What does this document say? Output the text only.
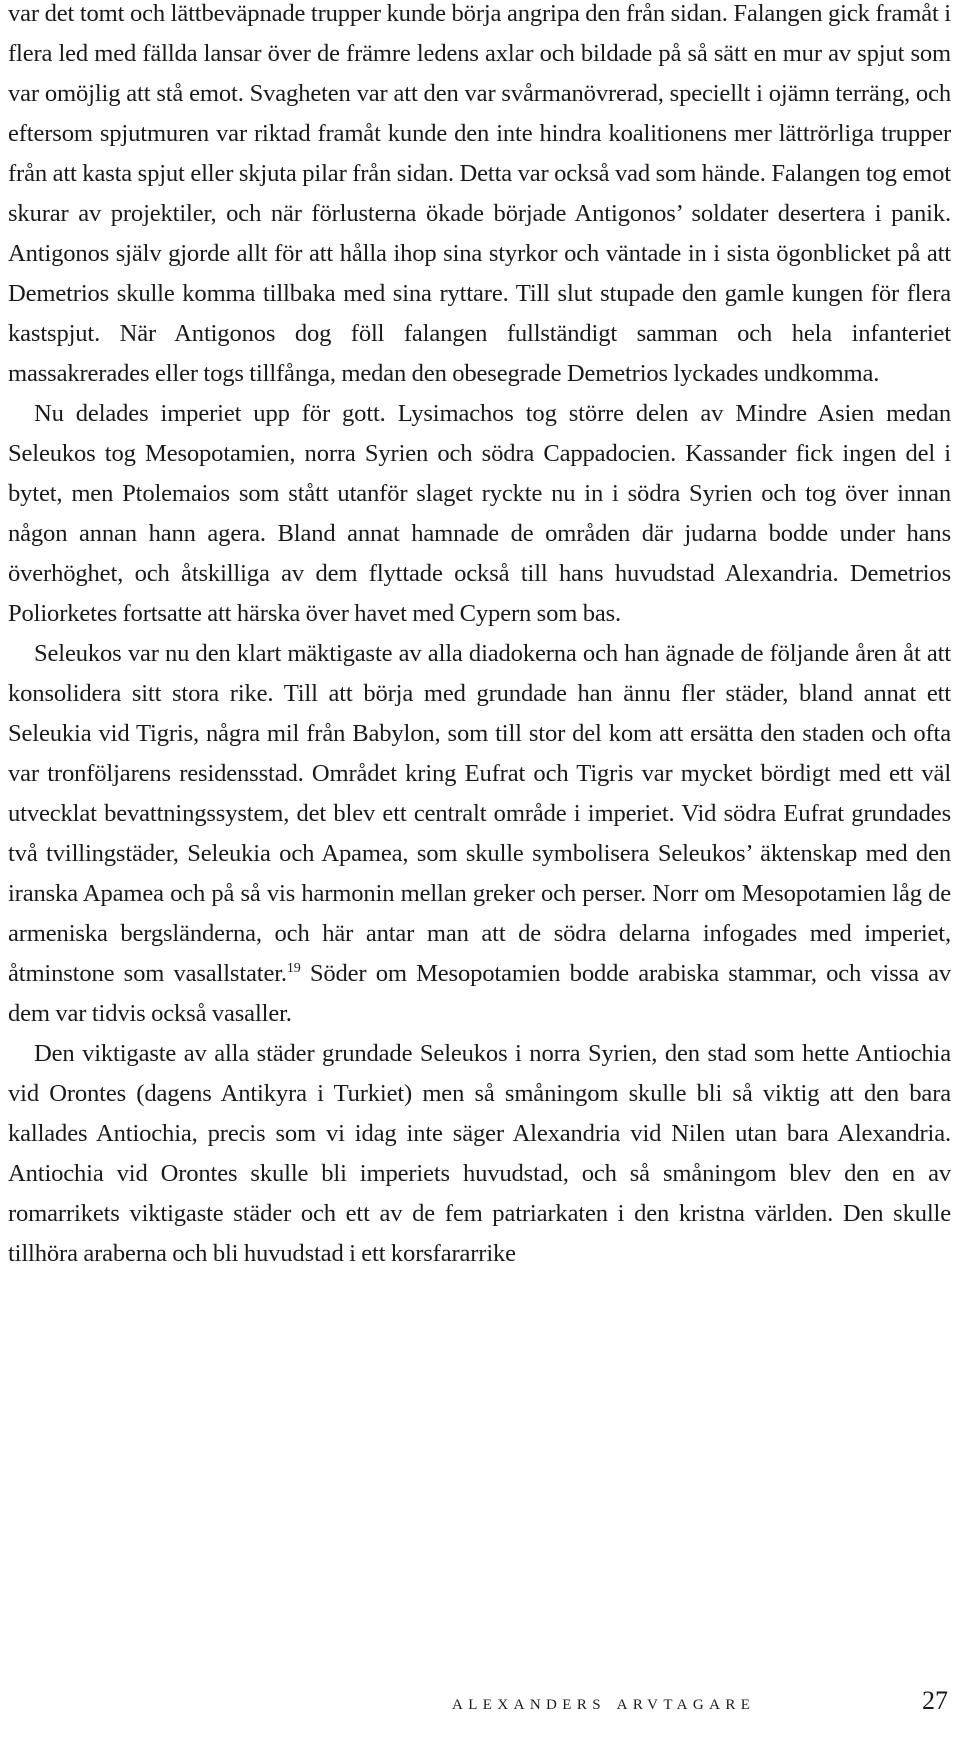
var det tomt och lättbeväpnade trupper kunde börja angripa den från sidan. Falangen gick framåt i flera led med fällda lansar över de främre ledens axlar och bildade på så sätt en mur av spjut som var omöjlig att stå emot. Svagheten var att den var svårmanövrerad, speciellt i ojämn terräng, och eftersom spjutmuren var riktad framåt kunde den inte hindra koalitionens mer lättrörliga trupper från att kasta spjut eller skjuta pilar från sidan. Detta var också vad som hände. Falangen tog emot skurar av projektiler, och när förlusterna ökade började Antigonos’ soldater desertera i panik. Antigonos själv gjorde allt för att hålla ihop sina styrkor och väntade in i sista ögonblicket på att Demetrios skulle komma tillbaka med sina ryttare. Till slut stupade den gamle kungen för flera kastspjut. När Antigonos dog föll falangen fullständigt samman och hela infanteriet massakrerades eller togs tillfånga, medan den obesegrade Demetrios lyckades undkomma.

Nu delades imperiet upp för gott. Lysimachos tog större delen av Mindre Asien medan Seleukos tog Mesopotamien, norra Syrien och södra Cappadocien. Kassander fick ingen del i bytet, men Ptolemaios som stått utanför slaget ryckte nu in i södra Syrien och tog över innan någon annan hann agera. Bland annat hamnade de områden där judarna bodde under hans överhöghet, och åtskilliga av dem flyttade också till hans huvudstad Alexandria. Demetrios Poliorketes fortsatte att härska över havet med Cypern som bas.

Seleukos var nu den klart mäktigaste av alla diadokerna och han ägnade de följande åren åt att konsolidera sitt stora rike. Till att börja med grundade han ännu fler städer, bland annat ett Seleukia vid Tigris, några mil från Babylon, som till stor del kom att ersätta den staden och ofta var tronföljarens residensstad. Området kring Eufrat och Tigris var mycket bördigt med ett väl utvecklat bevattningssystem, det blev ett centralt område i imperiet. Vid södra Eufrat grundades två tvillingstäder, Seleukia och Apamea, som skulle symbolisera Seleukos’ äktenskap med den iranska Apamea och på så vis harmonin mellan greker och perser. Norr om Mesopotamien låg de armeniska bergsländerna, och här antar man att de södra delarna infogades med imperiet, åtminstone som vasallstater.$^{19}$ Söder om Mesopotamien bodde arabiska stammar, och vissa av dem var tidvis också vasaller.

Den viktigaste av alla städer grundade Seleukos i norra Syrien, den stad som hette Antiochia vid Orontes (dagens Antikyra i Turkiet) men så småningom skulle bli så viktig att den bara kallades Antiochia, precis som vi idag inte säger Alexandria vid Nilen utan bara Alexandria. Antiochia vid Orontes skulle bli imperiets huvudstad, och så småningom blev den en av romarrikets viktigaste städer och ett av de fem patriarkaten i den kristna världen. Den skulle tillhöra araberna och bli huvudstad i ett korsfararrike

alexanders arvtagare	27
